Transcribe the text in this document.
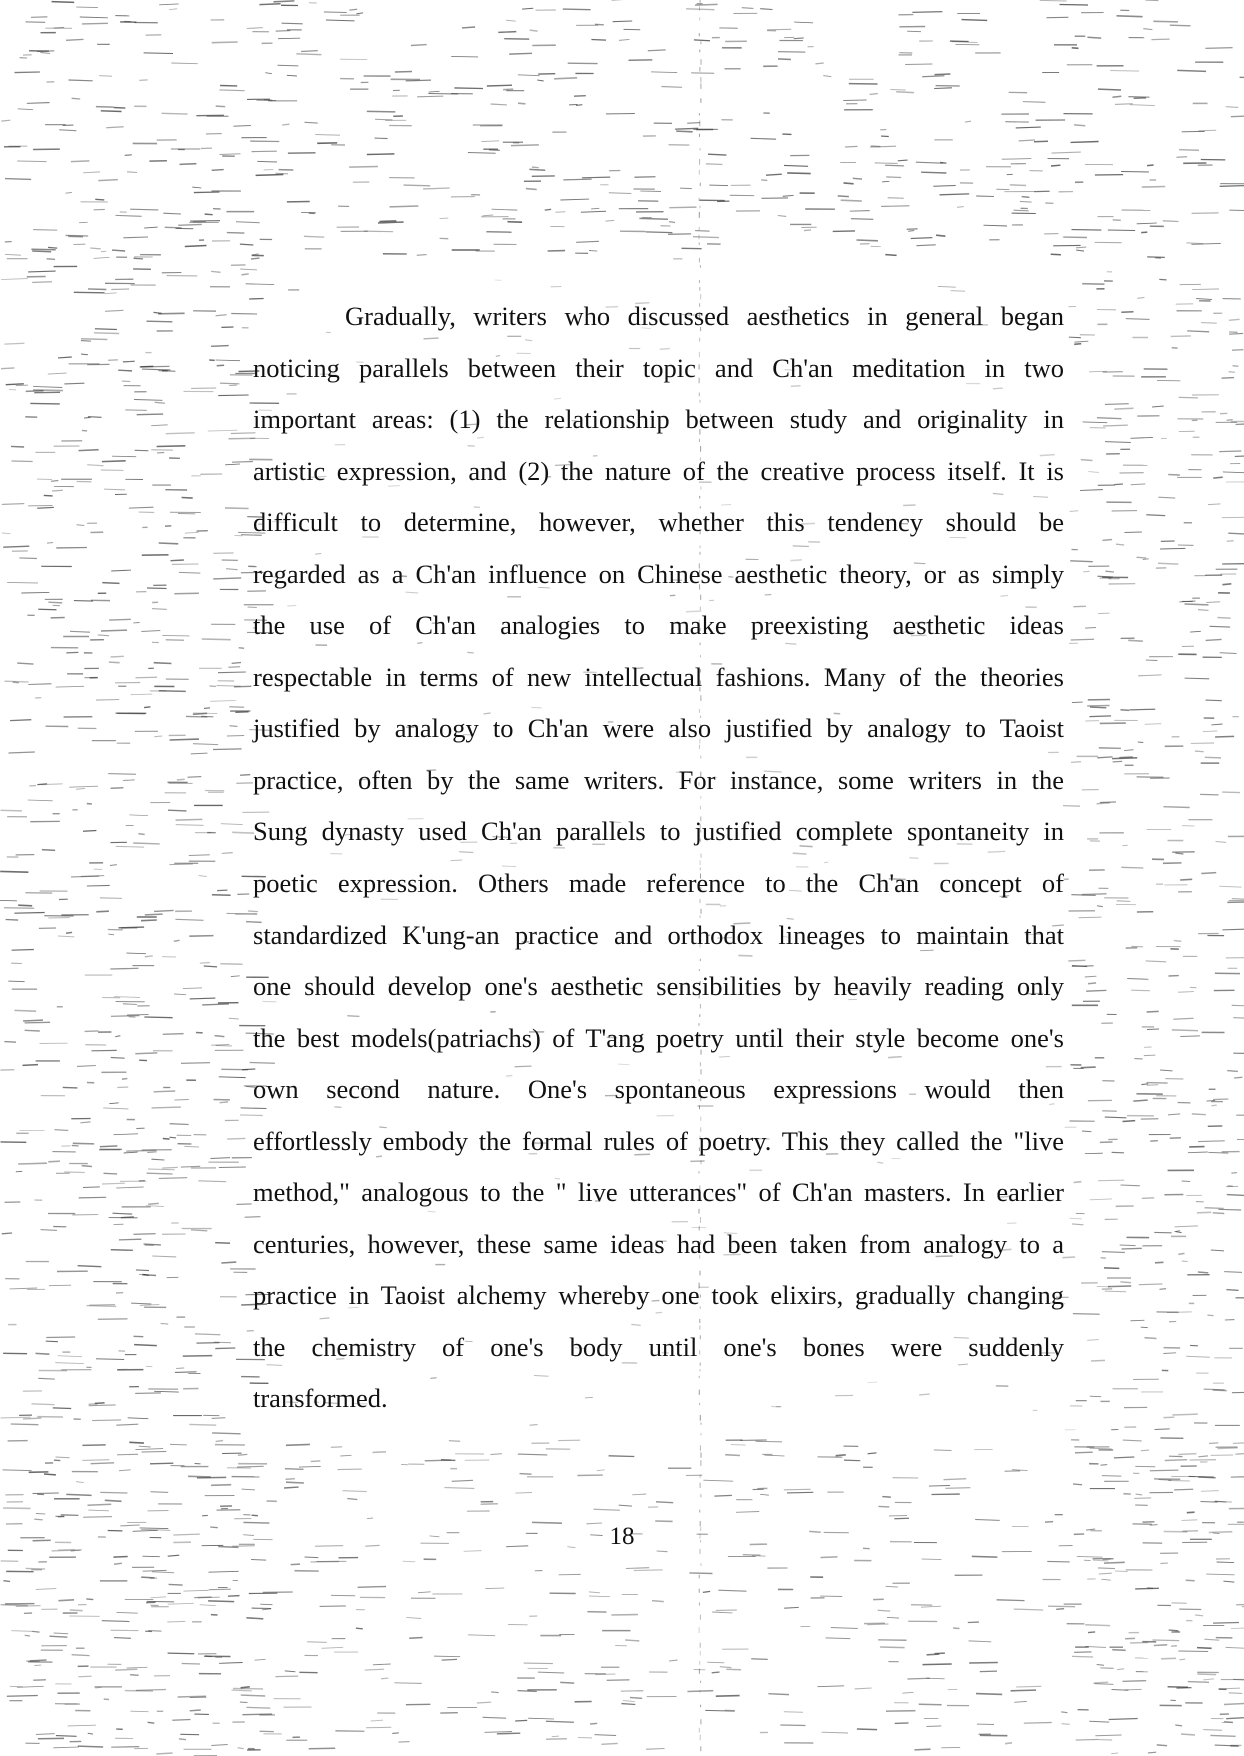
Gradually, writers who discussed aesthetics in general began
noticing parallels between their topic and Ch'an meditation in two
important areas: (1) the relationship between study and originality in
artistic expression, and (2) the nature of the creative process itself. It is
difficult to determine, however, whether this tendency should be
regarded as a Ch'an influence on Chinese aesthetic theory, or as simply
the use of Ch'an analogies to make preexisting aesthetic ideas
respectable in terms of new intellectual fashions. Many of the theories
justified by analogy to Ch'an were also justified by analogy to Taoist
practice, often by the same writers. For instance, some writers in the
Sung dynasty used Ch'an parallels to justified complete spontaneity in
poetic expression. Others made reference to the Ch'an concept of
standardized K'ung-an practice and orthodox lineages to maintain that
one should develop one's aesthetic sensibilities by heavily reading only
the best models(patriachs) of T'ang poetry until their style become one's
own second nature. One's spontaneous expressions would then
effortlessly embody the formal rules of poetry. This they called the "live
method," analogous to the " live utterances" of Ch'an masters. In earlier
centuries, however, these same ideas had been taken from analogy to a
practice in Taoist alchemy whereby one took elixirs, gradually changing
the chemistry of one's body until one's bones were suddenly
transformed.
18
